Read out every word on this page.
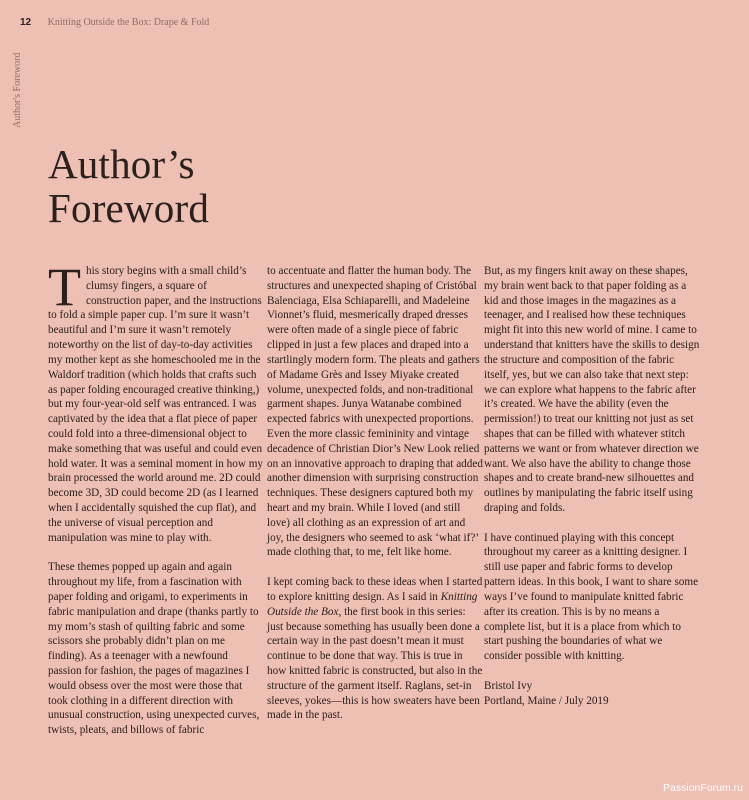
12 Knitting Outside the Box: Drape & Fold
Author's Foreword
Author’s
Foreword

This story begins with a small child’s clumsy fingers, a square of construction paper, and the instructions to fold a simple paper cup. I’m sure it wasn’t beautiful and I’m sure it wasn’t remotely noteworthy on the list of day-to-day activities my mother kept as she homeschooled me in the Waldorf tradition (which holds that crafts such as paper folding encouraged creative thinking,) but my four-year-old self was entranced. I was captivated by the idea that a flat piece of paper could fold into a three-dimensional object to make something that was useful and could even hold water. It was a seminal moment in how my brain processed the world around me. 2D could become 3D, 3D could become 2D (as I learned when I accidentally squished the cup flat), and the universe of visual perception and manipulation was mine to play with.

These themes popped up again and again throughout my life, from a fascination with paper folding and origami, to experiments in fabric manipulation and drape (thanks partly to my mom’s stash of quilting fabric and some scissors she probably didn’t plan on me finding). As a teenager with a newfound passion for fashion, the pages of magazines I would obsess over the most were those that took clothing in a different direction with unusual construction, using unexpected curves, twists, pleats, and billows of fabric

to accentuate and flatter the human body. The structures and unexpected shaping of Cristóbal Balenciaga, Elsa Schiaparelli, and Madeleine Vionnet’s fluid, mesmerically draped dresses were often made of a single piece of fabric clipped in just a few places and draped into a startlingly modern form. The pleats and gathers of Madame Grès and Issey Miyake created volume, unexpected folds, and non-traditional garment shapes. Junya Watanabe combined expected fabrics with unexpected proportions. Even the more classic femininity and vintage decadence of Christian Dior’s New Look relied on an innovative approach to draping that added another dimension with surprising construction techniques. These designers captured both my heart and my brain. While I loved (and still love) all clothing as an expression of art and joy, the designers who seemed to ask ‘what if?’ made clothing that, to me, felt like home.

I kept coming back to these ideas when I started to explore knitting design. As I said in Knitting Outside the Box, the first book in this series: just because something has usually been done a certain way in the past doesn’t mean it must continue to be done that way. This is true in how knitted fabric is constructed, but also in the structure of the garment itself. Raglans, set-in sleeves, yokes—this is how sweaters have been made in the past.

But, as my fingers knit away on these shapes, my brain went back to that paper folding as a kid and those images in the magazines as a teenager, and I realised how these techniques might fit into this new world of mine. I came to understand that knitters have the skills to design the structure and composition of the fabric itself, yes, but we can also take that next step: we can explore what happens to the fabric after it’s created. We have the ability (even the permission!) to treat our knitting not just as set shapes that can be filled with whatever stitch patterns we want or from whatever direction we want. We also have the ability to change those shapes and to create brand-new silhouettes and outlines by manipulating the fabric itself using draping and folds.

I have continued playing with this concept throughout my career as a knitting designer. I still use paper and fabric forms to develop pattern ideas. In this book, I want to share some ways I’ve found to manipulate knitted fabric after its creation. This is by no means a complete list, but it is a place from which to start pushing the boundaries of what we consider possible with knitting.

Bristol Ivy
Portland, Maine / July 2019
PassionForum.ru
